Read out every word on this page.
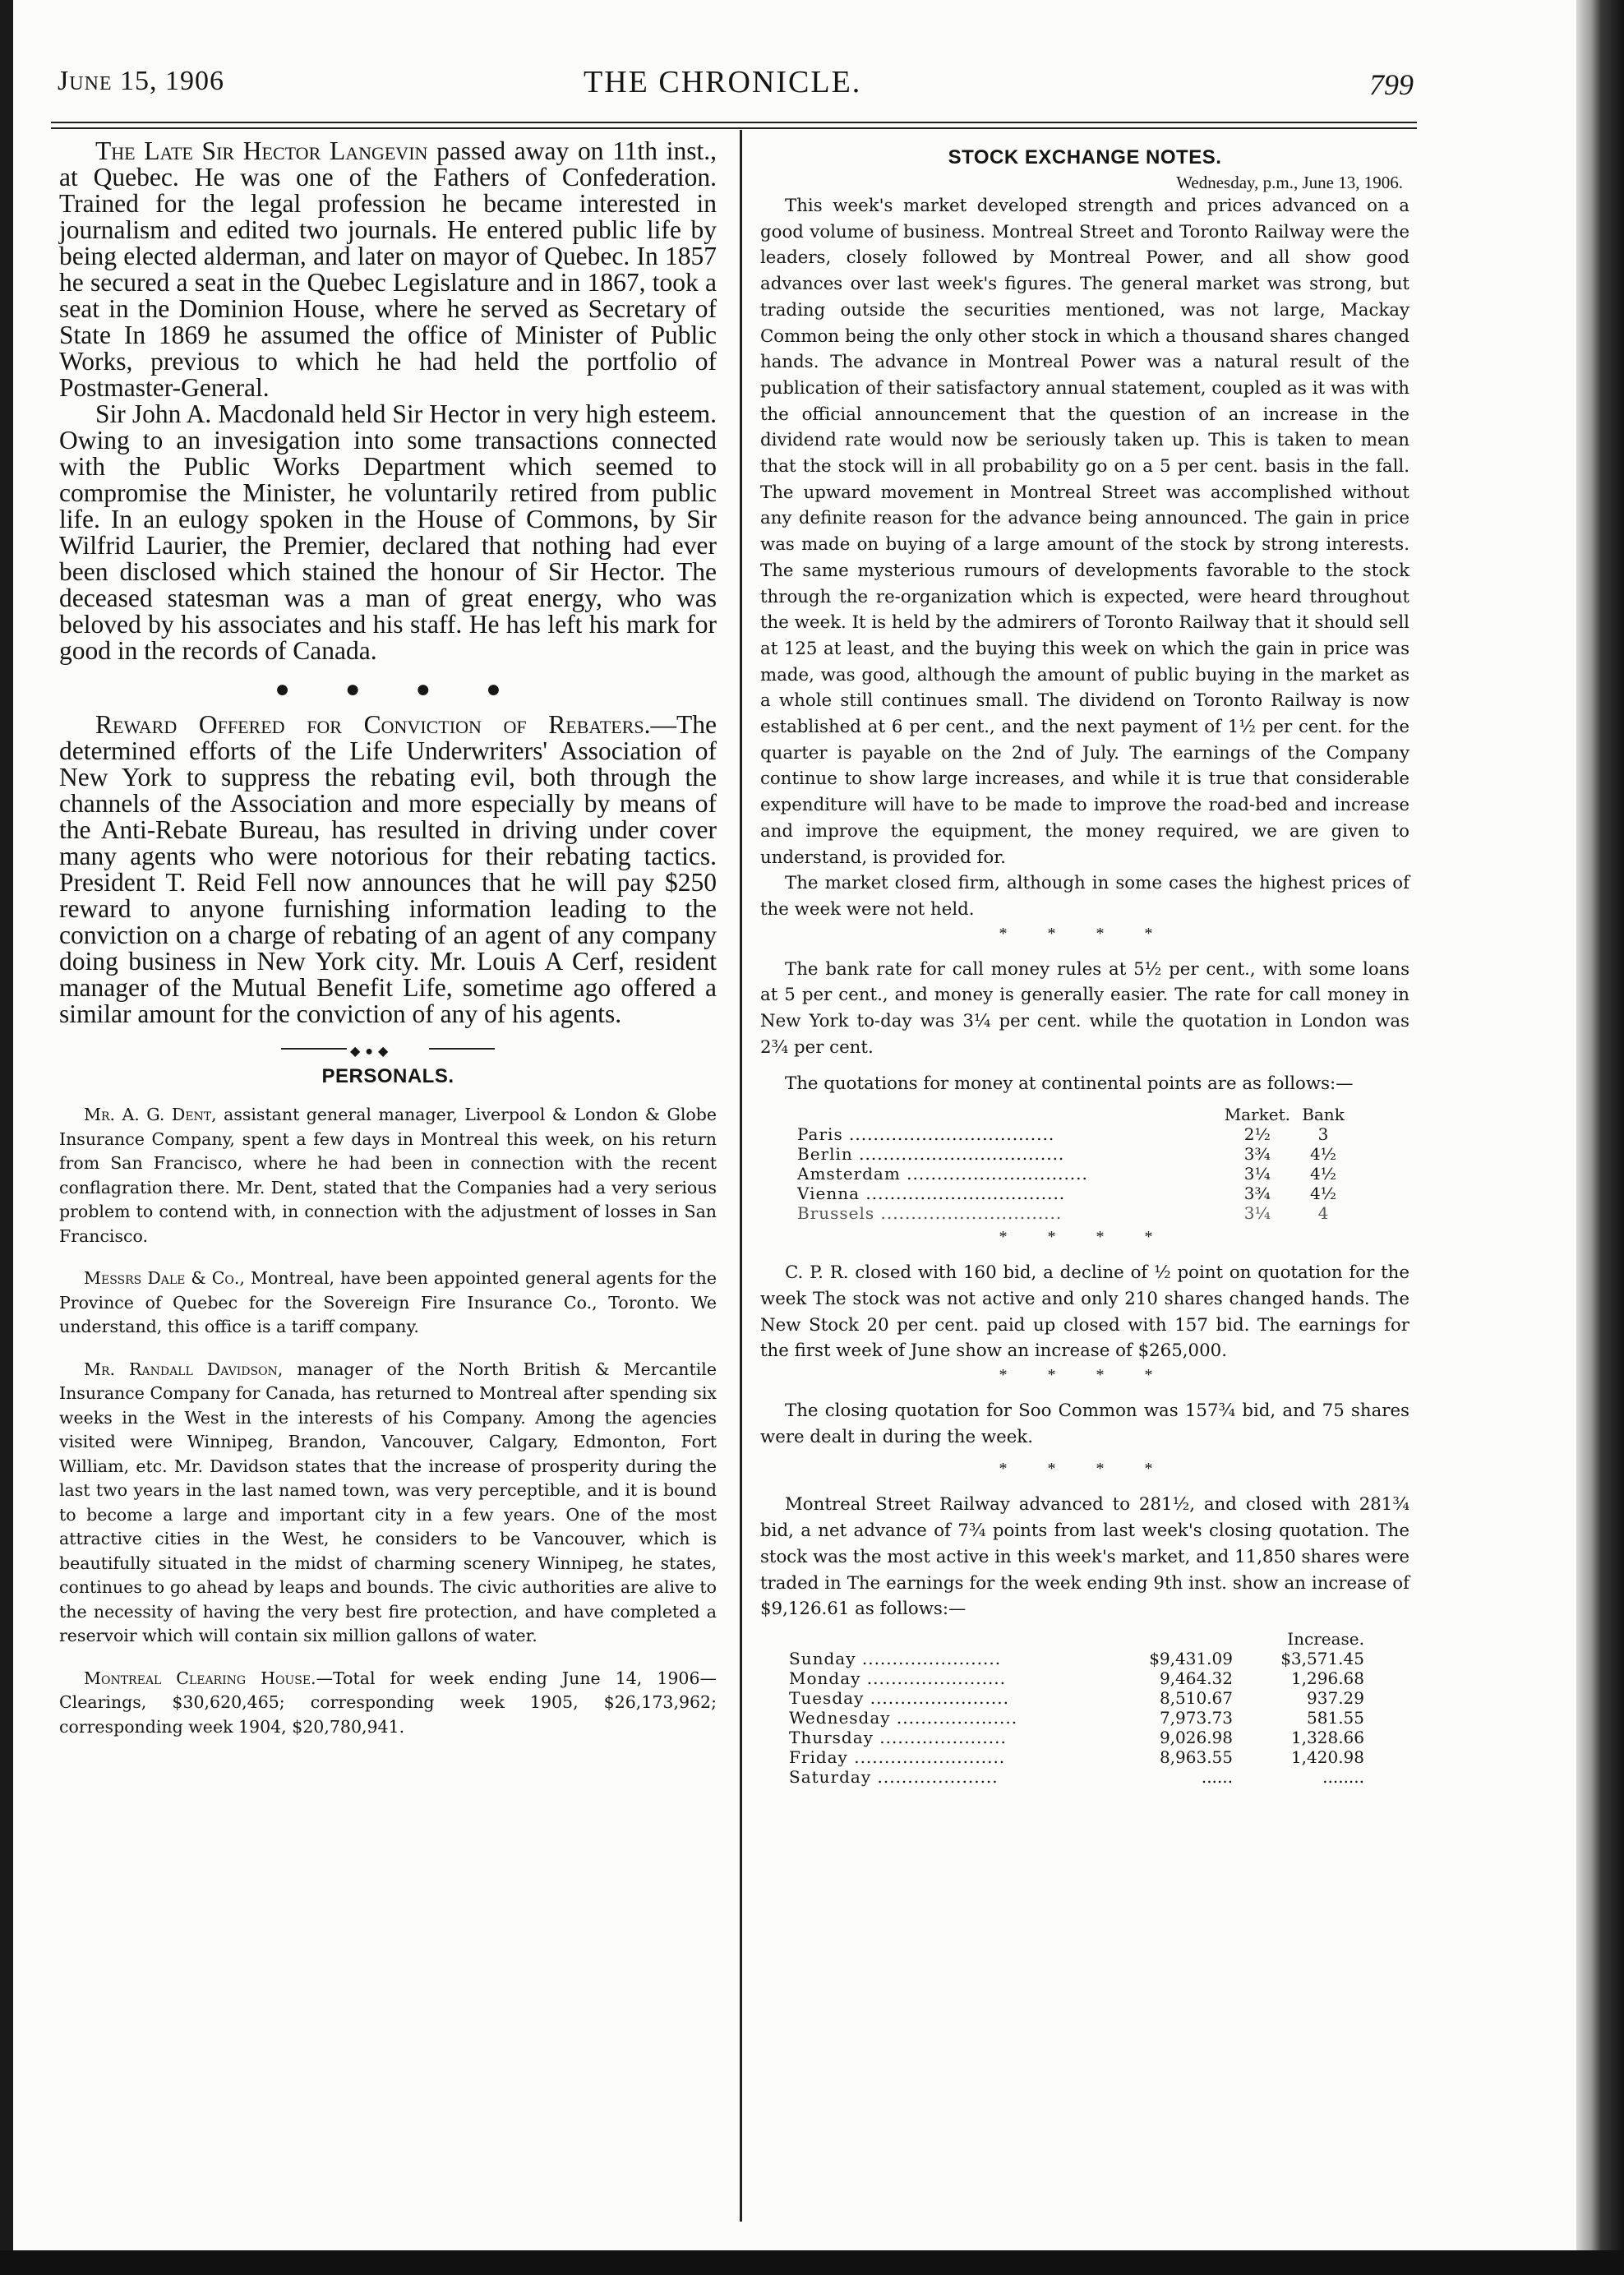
June 15, 1906	THE CHRONICLE.	799

The Late Sir Hector Langevin passed away on 11th inst., at Quebec. He was one of the Fathers of Confederation. Trained for the legal profession he became interested in journalism and edited two journals. He entered public life by being elected alderman, and later on mayor of Quebec. In 1857 he secured a seat in the Quebec Legislature and in 1867, took a seat in the Dominion House, where he served as Secretary of State In 1869 he assumed the office of Minister of Public Works, previous to which he had held the portfolio of Postmaster-General.

Sir John A. Macdonald held Sir Hector in very high esteem. Owing to an invesigation into some transactions connected with the Public Works Department which seemed to compromise the Minister, he voluntarily retired from public life. In an eulogy spoken in the House of Commons, by Sir Wilfrid Laurier, the Premier, declared that nothing had ever been disclosed which stained the honour of Sir Hector. The deceased statesman was a man of great energy, who was beloved by his associates and his staff. He has left his mark for good in the records of Canada.

● ● ● ●

Reward Offered for Conviction of Rebaters.—The determined efforts of the Life Underwriters' Association of New York to suppress the rebating evil, both through the channels of the Association and more especially by means of the Anti-Rebate Bureau, has resulted in driving under cover many agents who were notorious for their rebating tactics. President T. Reid Fell now announces that he will pay $250 reward to anyone furnishing information leading to the conviction on a charge of rebating of an agent of any company doing business in New York city. Mr. Louis A Cerf, resident manager of the Mutual Benefit Life, sometime ago offered a similar amount for the conviction of any of his agents.

◆●◆
PERSONALS.

Mr. A. G. Dent, assistant general manager, Liverpool & London & Globe Insurance Company, spent a few days in Montreal this week, on his return from San Francisco, where he had been in connection with the recent conflagration there. Mr. Dent, stated that the Companies had a very serious problem to contend with, in connection with the adjustment of losses in San Francisco.

Messrs Dale & Co., Montreal, have been appointed general agents for the Province of Quebec for the Sovereign Fire Insurance Co., Toronto. We understand, this office is a tariff company.

Mr. Randall Davidson, manager of the North British & Mercantile Insurance Company for Canada, has returned to Montreal after spending six weeks in the West in the interests of his Company. Among the agencies visited were Winnipeg, Brandon, Vancouver, Calgary, Edmonton, Fort William, etc. Mr. Davidson states that the increase of prosperity during the last two years in the last named town, was very perceptible, and it is bound to become a large and important city in a few years. One of the most attractive cities in the West, he considers to be Vancouver, which is beautifully situated in the midst of charming scenery Winnipeg, he states, continues to go ahead by leaps and bounds. The civic authorities are alive to the necessity of having the very best fire protection, and have completed a reservoir which will contain six million gallons of water.

Montreal Clearing House.—Total for week ending June 14, 1906—Clearings, $30,620,465; corresponding week 1905, $26,173,962; corresponding week 1904, $20,780,941.

STOCK EXCHANGE NOTES.
Wednesday, p.m., June 13, 1906.

This week's market developed strength and prices advanced on a good volume of business. Montreal Street and Toronto Railway were the leaders, closely followed by Montreal Power, and all show good advances over last week's figures. The general market was strong, but trading outside the securities mentioned, was not large, Mackay Common being the only other stock in which a thousand shares changed hands. The advance in Montreal Power was a natural result of the publication of their satisfactory annual statement, coupled as it was with the official announcement that the question of an increase in the dividend rate would now be seriously taken up. This is taken to mean that the stock will in all probability go on a 5 per cent. basis in the fall. The upward movement in Montreal Street was accomplished without any definite reason for the advance being announced. The gain in price was made on buying of a large amount of the stock by strong interests. The same mysterious rumours of developments favorable to the stock through the re-organization which is expected, were heard throughout the week. It is held by the admirers of Toronto Railway that it should sell at 125 at least, and the buying this week on which the gain in price was made, was good, although the amount of public buying in the market as a whole still continues small. The dividend on Toronto Railway is now established at 6 per cent., and the next payment of 1½ per cent. for the quarter is payable on the 2nd of July. The earnings of the Company continue to show large increases, and while it is true that considerable expenditure will have to be made to improve the road-bed and increase and improve the equipment, the money required, we are given to understand, is provided for.

The market closed firm, although in some cases the highest prices of the week were not held.

* * * *

The bank rate for call money rules at 5½ per cent., with some loans at 5 per cent., and money is generally easier. The rate for call money in New York to-day was 3¼ per cent. while the quotation in London was 2¾ per cent.

The quotations for money at continental points are as follows:—

	Market.	Bank
Paris ..................................	2½	3
Berlin ..................................	3¾	4½
Amsterdam ..............................	3¼	4½
Vienna .................................	3¾	4½
Brussels ..............................	3¼	4
* * * *

C. P. R. closed with 160 bid, a decline of ½ point on quotation for the week The stock was not active and only 210 shares changed hands. The New Stock 20 per cent. paid up closed with 157 bid. The earnings for the first week of June show an increase of $265,000.

* * * *

The closing quotation for Soo Common was 157¾ bid, and 75 shares were dealt in during the week.

* * * *

Montreal Street Railway advanced to 281½, and closed with 281¾ bid, a net advance of 7¾ points from last week's closing quotation. The stock was the most active in this week's market, and 11,850 shares were traded in The earnings for the week ending 9th inst. show an increase of $9,126.61 as follows:—

		Increase.
Sunday .......................	$9,431.09	$3,571.45
Monday .......................	9,464.32	1,296.68
Tuesday .......................	8,510.67	937.29
Wednesday ....................	7,973.73	581.55
Thursday .....................	9,026.98	1,328.66
Friday .........................	8,963.55	1,420.98
Saturday ....................	......	........
